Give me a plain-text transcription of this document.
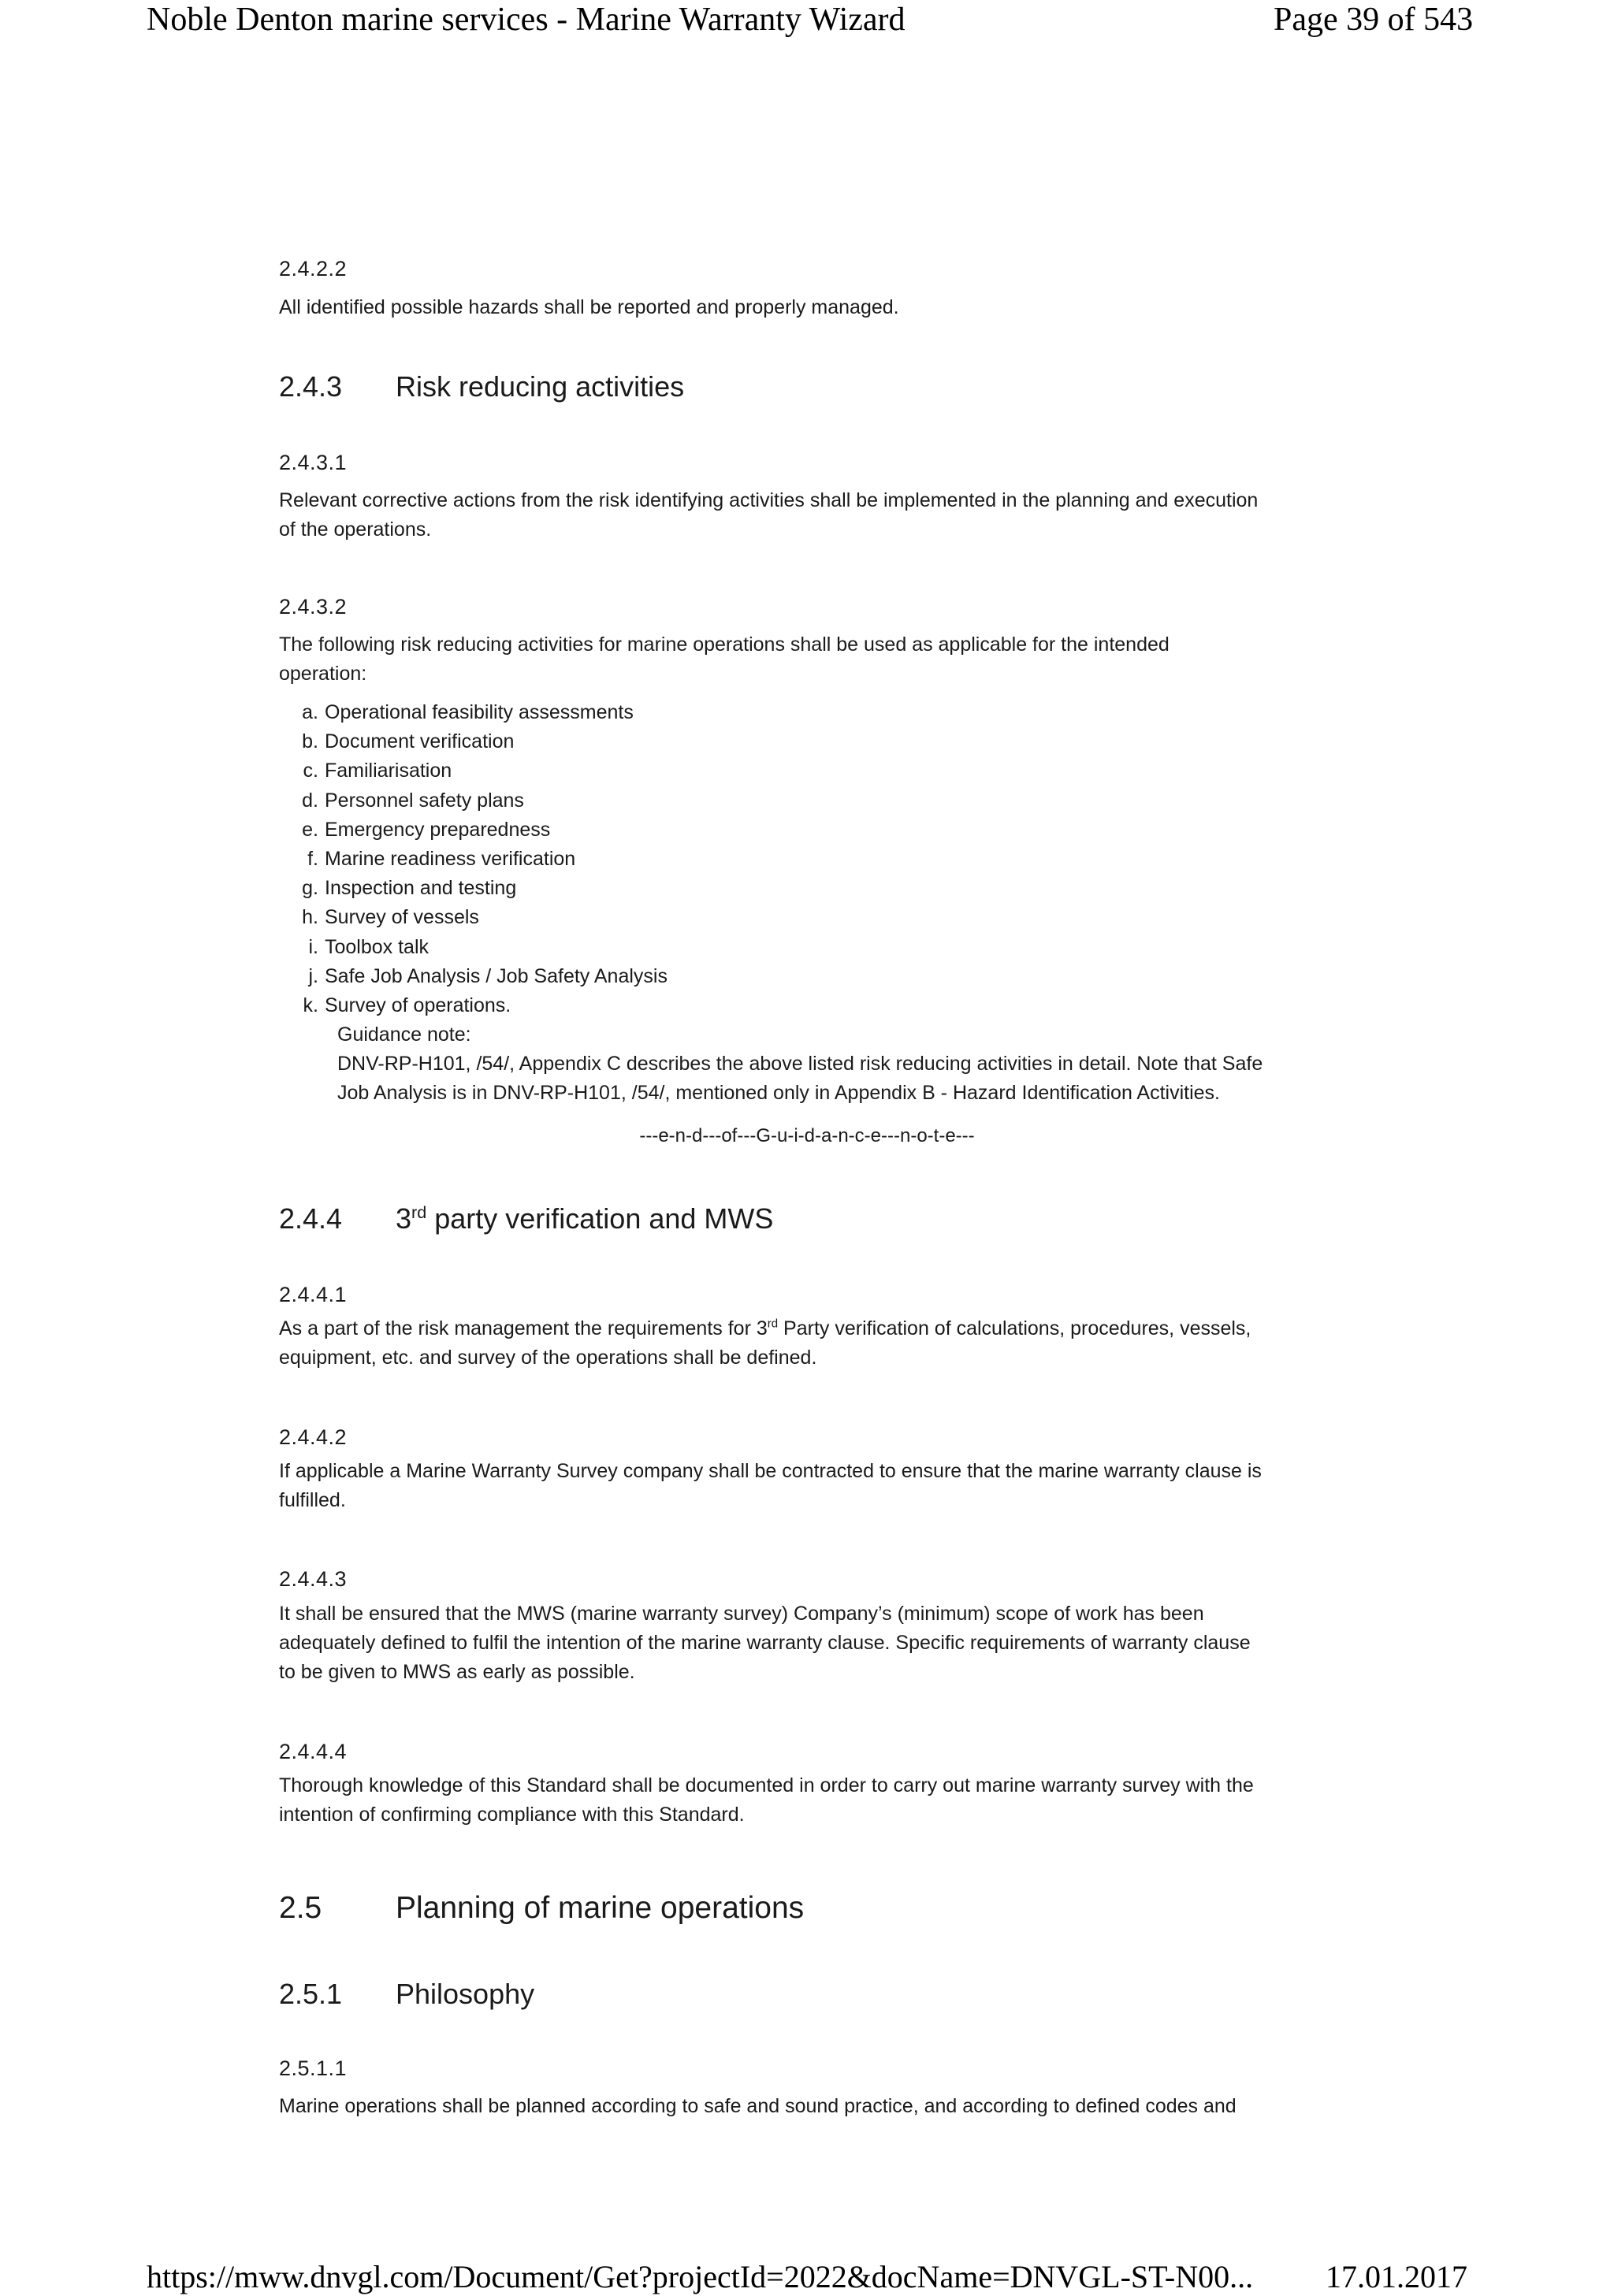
Noble Denton marine services - Marine Warranty Wizard	Page 39 of 543
2.4.2.2
All identified possible hazards shall be reported and properly managed.
2.4.3 Risk reducing activities
2.4.3.1
Relevant corrective actions from the risk identifying activities shall be implemented in the planning and execution
of the operations.
2.4.3.2
The following risk reducing activities for marine operations shall be used as applicable for the intended
operation:
a. Operational feasibility assessments
b. Document verification
c. Familiarisation
d. Personnel safety plans
e. Emergency preparedness
f. Marine readiness verification
g. Inspection and testing
h. Survey of vessels
i. Toolbox talk
j. Safe Job Analysis / Job Safety Analysis
k. Survey of operations.
Guidance note:
DNV-RP-H101, /54/, Appendix C describes the above listed risk reducing activities in detail. Note that Safe
Job Analysis is in DNV-RP-H101, /54/, mentioned only in Appendix B - Hazard Identification Activities.
---e-n-d---of---G-u-i-d-a-n-c-e---n-o-t-e---
2.4.4 3rd party verification and MWS
2.4.4.1
As a part of the risk management the requirements for 3rd Party verification of calculations, procedures, vessels,
equipment, etc. and survey of the operations shall be defined.
2.4.4.2
If applicable a Marine Warranty Survey company shall be contracted to ensure that the marine warranty clause is
fulfilled.
2.4.4.3
It shall be ensured that the MWS (marine warranty survey) Company’s (minimum) scope of work has been
adequately defined to fulfil the intention of the marine warranty clause. Specific requirements of warranty clause
to be given to MWS as early as possible.
2.4.4.4
Thorough knowledge of this Standard shall be documented in order to carry out marine warranty survey with the
intention of confirming compliance with this Standard.
2.5 Planning of marine operations
2.5.1 Philosophy
2.5.1.1
Marine operations shall be planned according to safe and sound practice, and according to defined codes and
https://mww.dnvgl.com/Document/Get?projectId=2022&docName=DNVGL-ST-N00... 17.01.2017
